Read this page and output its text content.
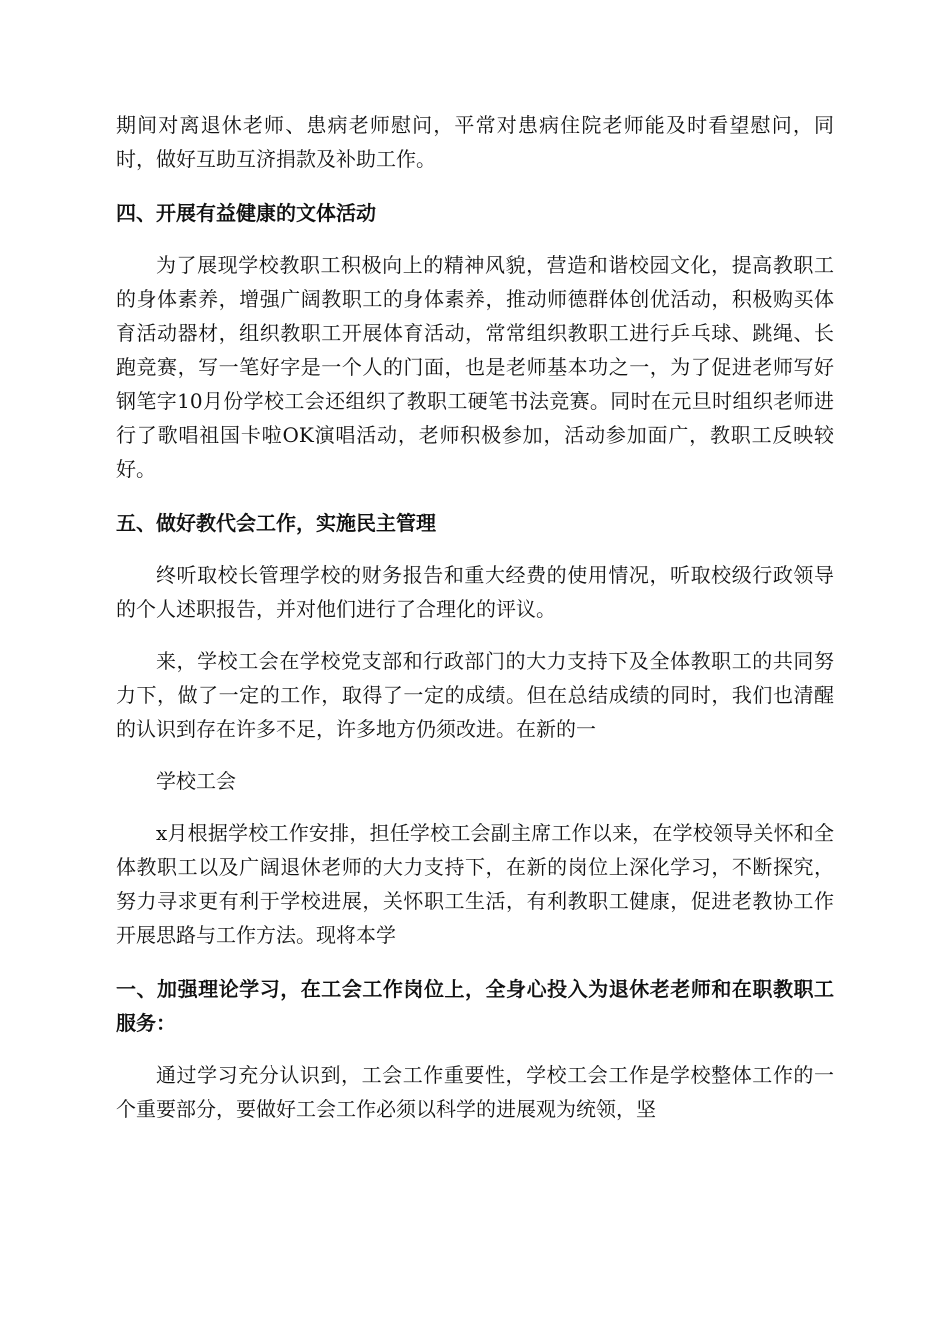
期间对离退休老师、患病老师慰问，平常对患病住院老师能及时看望慰问，同时，做好互助互济捐款及补助工作。

四、开展有益健康的文体活动

为了展现学校教职工积极向上的精神风貌，营造和谐校园文化，提高教职工的身体素养，增强广阔教职工的身体素养，推动师德群体创优活动，积极购买体育活动器材，组织教职工开展体育活动，常常组织教职工进行乒乓球、跳绳、长跑竞赛，写一笔好字是一个人的门面，也是老师基本功之一，为了促进老师写好钢笔字10月份学校工会还组织了教职工硬笔书法竞赛。同时在元旦时组织老师进行了歌唱祖国卡啦OK演唱活动，老师积极参加，活动参加面广，教职工反映较好。

五、做好教代会工作，实施民主管理

终听取校长管理学校的财务报告和重大经费的使用情况，听取校级行政领导的个人述职报告，并对他们进行了合理化的评议。

来，学校工会在学校党支部和行政部门的大力支持下及全体教职工的共同努力下，做了一定的工作，取得了一定的成绩。但在总结成绩的同时，我们也清醒的认识到存在许多不足，许多地方仍须改进。在新的一

学校工会

x月根据学校工作安排，担任学校工会副主席工作以来，在学校领导关怀和全体教职工以及广阔退休老师的大力支持下，在新的岗位上深化学习，不断探究，努力寻求更有利于学校进展，关怀职工生活，有利教职工健康，促进老教协工作开展思路与工作方法。现将本学

一、加强理论学习，在工会工作岗位上，全身心投入为退休老老师和在职教职工服务：

通过学习充分认识到，工会工作重要性，学校工会工作是学校整体工作的一个重要部分，要做好工会工作必须以科学的进展观为统领，坚
